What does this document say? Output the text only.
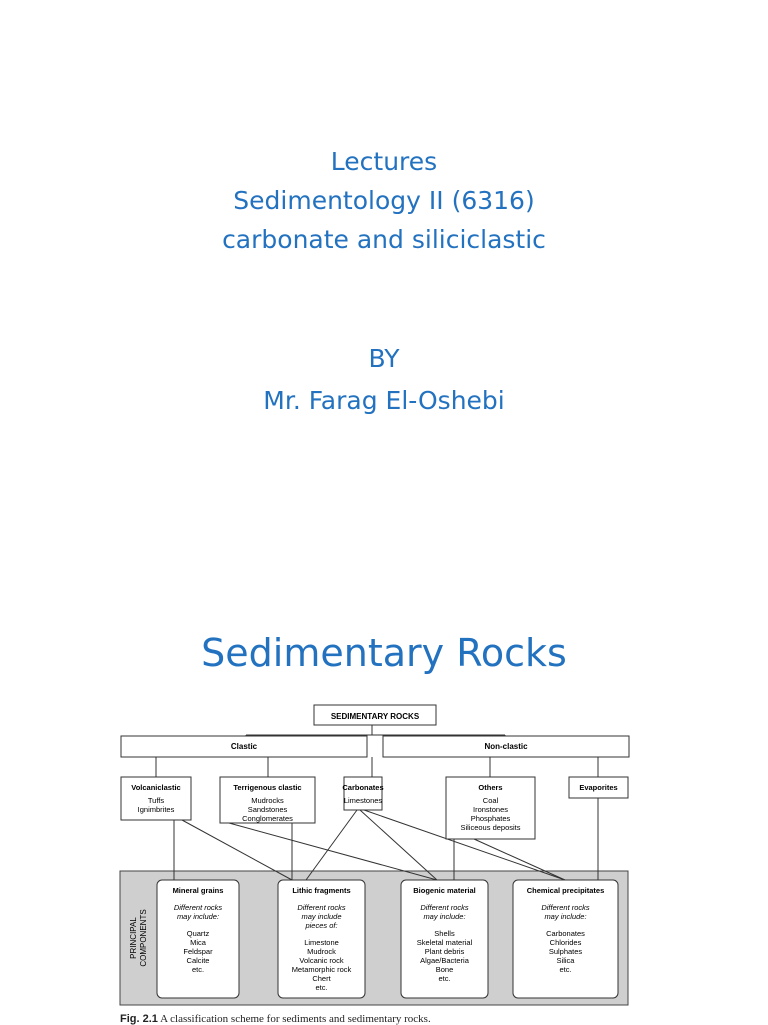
Lectures
Sedimentology II (6316)
carbonate and siliciclastic
BY
Mr. Farag El-Oshebi
Sedimentary Rocks
SEDIMENTARY ROCKS
Clastic	Non-clastic
Volcaniclastic
Tuffs
Ignimbrites
Terrigenous clastic
Mudrocks
Sandstones
Conglomerates
Carbonates
Limestones
Others
Coal
Ironstones
Phosphates
Siliceous deposits
Evaporites
PRINCIPAL COMPONENTS
Mineral grains
Different rocks
may include:
Quartz
Mica
Feldspar
Calcite
etc.
Lithic fragments
Different rocks
may include
pieces of:
Limestone
Mudrock
Volcanic rock
Metamorphic rock
Chert
etc.
Biogenic material
Different rocks
may include:
Shells
Skeletal material
Plant debris
Algae/Bacteria
Bone
etc.
Chemical precipitates
Different rocks
may include:
Carbonates
Chlorides
Sulphates
Silica
etc.
Fig. 2.1 A classification scheme for sediments and sedimentary rocks.
